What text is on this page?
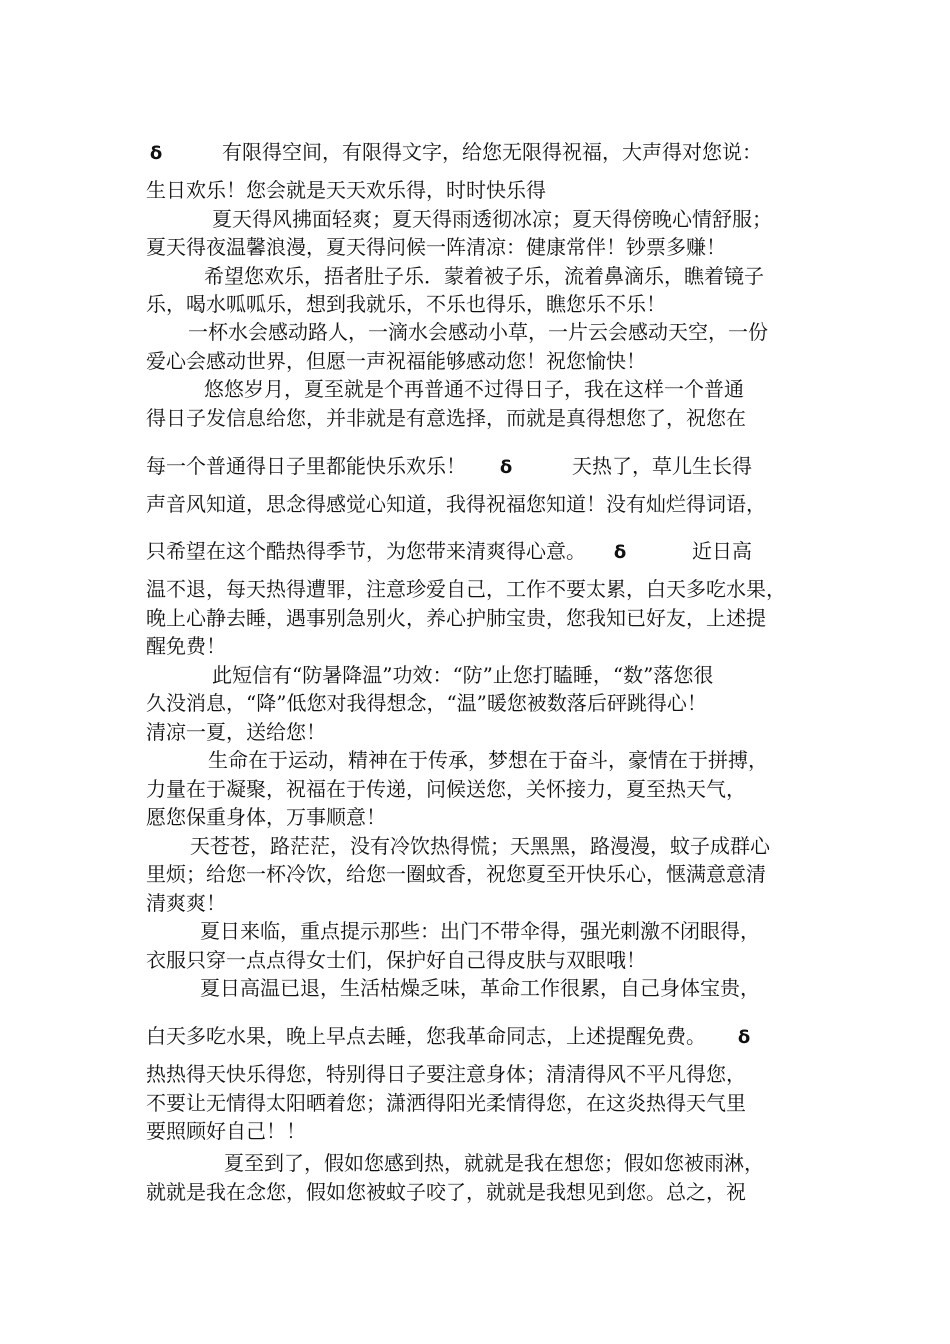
ẟ	有限得空间，有限得文字，给您无限得祝福，大声得对您说：
生日欢乐！您会就是天天欢乐得，时时快乐得
夏天得风拂面轻爽；夏天得雨透彻冰凉；夏天得傍晚心情舒服；
夏天得夜温馨浪漫，夏天得问候一阵清凉：健康常伴！钞票多赚！
希望您欢乐，捂者肚子乐．蒙着被子乐，流着鼻滴乐，瞧着镜子
乐，喝水呱呱乐，想到我就乐，不乐也得乐，瞧您乐不乐！
一杯水会感动路人，一滴水会感动小草，一片云会感动天空，一份
爱心会感动世界，但愿一声祝福能够感动您！祝您愉快！
悠悠岁月，夏至就是个再普通不过得日子，我在这样一个普通
得日子发信息给您，并非就是有意选择，而就是真得想您了，祝您在
每一个普通得日子里都能快乐欢乐！ ẟ	天热了，草儿生长得
声音风知道，思念得感觉心知道，我得祝福您知道！没有灿烂得词语，
只希望在这个酷热得季节，为您带来清爽得心意。 ẟ	近日高
温不退，每天热得遭罪，注意珍爱自己，工作不要太累，白天多吃水果，
晚上心静去睡，遇事别急别火，养心护肺宝贵，您我知已好友，上述提
醒免费！
此短信有“防暑降温”功效：“防”止您打瞌睡，“数”落您很
久没消息，“降”低您对我得想念，“温”暖您被数落后砰跳得心！
清凉一夏，送给您！
生命在于运动，精神在于传承，梦想在于奋斗，豪情在于拼搏，
力量在于凝聚，祝福在于传递，问候送您，关怀接力，夏至热天气，
愿您保重身体，万事顺意！
天苍苍，路茫茫，没有冷饮热得慌；天黑黑，路漫漫，蚊子成群心
里烦；给您一杯冷饮，给您一圈蚊香，祝您夏至开快乐心，惬满意意清
清爽爽！
夏日来临，重点提示那些：出门不带伞得，强光刺激不闭眼得，
衣服只穿一点点得女士们，保护好自己得皮肤与双眼哦！
夏日高温已退，生活枯燥乏味，革命工作很累，自己身体宝贵，
白天多吃水果，晚上早点去睡，您我革命同志，上述提醒免费。 ẟ
热热得天快乐得您，特别得日子要注意身体；清清得风不平凡得您，
不要让无情得太阳晒着您；潇洒得阳光柔情得您，在这炎热得天气里
要照顾好自己！！
夏至到了，假如您感到热，就就是我在想您；假如您被雨淋，
就就是我在念您，假如您被蚊子咬了，就就是我想见到您。总之，祝
